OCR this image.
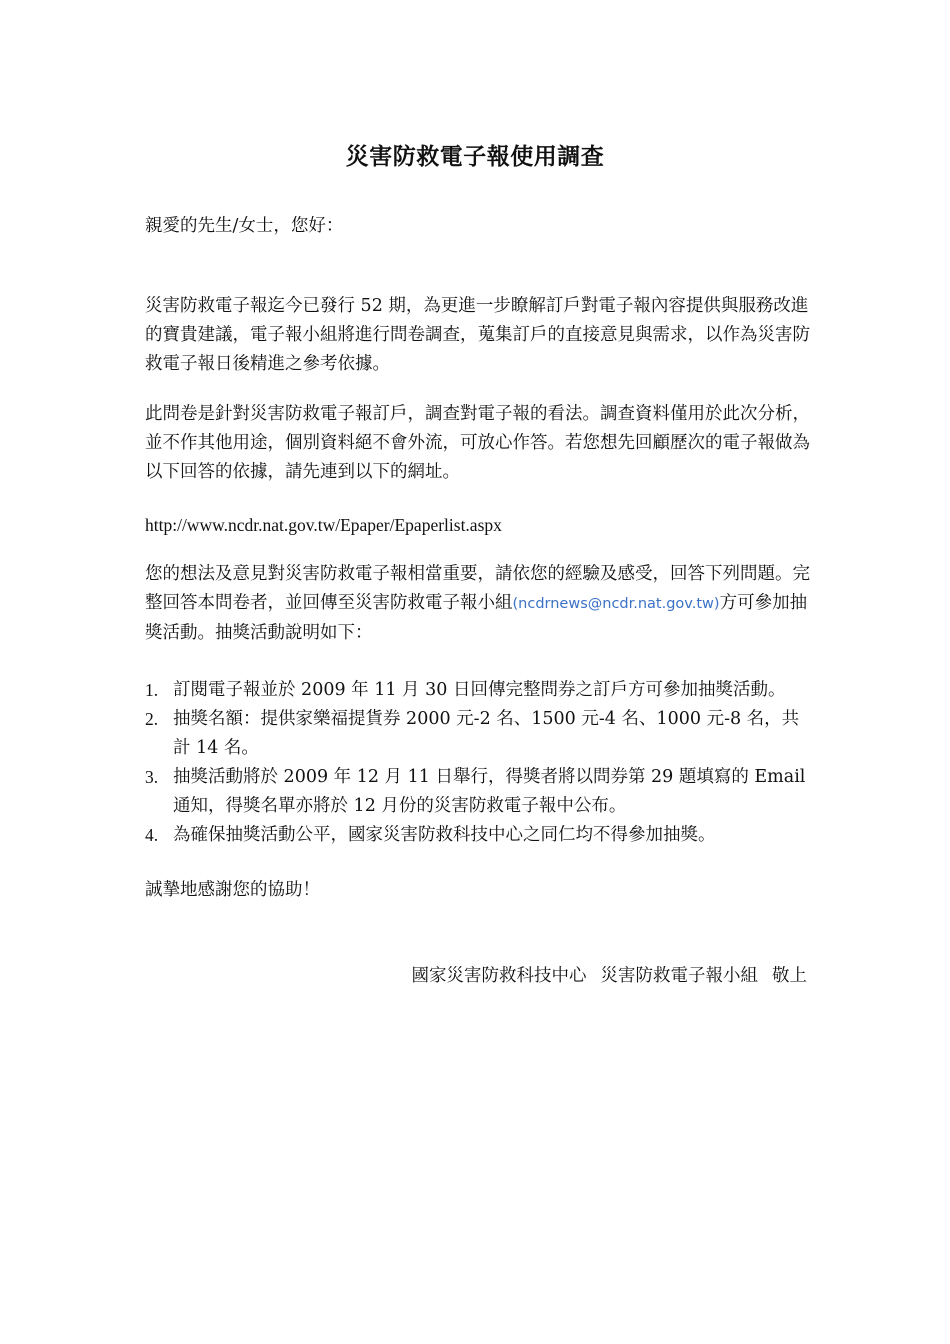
災害防救電子報使用調查
親愛的先生/女士，您好：
災害防救電子報迄今已發行 52 期，為更進一步瞭解訂戶對電子報內容提供與服務改進的寶貴建議，電子報小組將進行問卷調查，蒐集訂戶的直接意見與需求，以作為災害防救電子報日後精進之參考依據。
此問卷是針對災害防救電子報訂戶，調查對電子報的看法。調查資料僅用於此次分析，並不作其他用途，個別資料絕不會外流，可放心作答。若您想先回顧歷次的電子報做為以下回答的依據，請先連到以下的網址。
http://www.ncdr.nat.gov.tw/Epaper/Epaperlist.aspx
您的想法及意見對災害防救電子報相當重要，請依您的經驗及感受，回答下列問題。完整回答本問卷者，並回傳至災害防救電子報小組(ncdrnews@ncdr.nat.gov.tw)方可參加抽獎活動。抽獎活動說明如下：
1. 訂閱電子報並於 2009 年 11 月 30 日回傳完整問券之訂戶方可參加抽獎活動。
2. 抽獎名額：提供家樂福提貨券 2000 元-2 名、1500 元-4 名、1000 元-8 名，共計 14 名。
3. 抽獎活動將於 2009 年 12 月 11 日舉行，得獎者將以問券第 29 題填寫的 Email 通知，得獎名單亦將於 12 月份的災害防救電子報中公布。
4. 為確保抽獎活動公平，國家災害防救科技中心之同仁均不得參加抽獎。
誠摯地感謝您的協助！
國家災害防救科技中心 災害防救電子報小組 敬上
